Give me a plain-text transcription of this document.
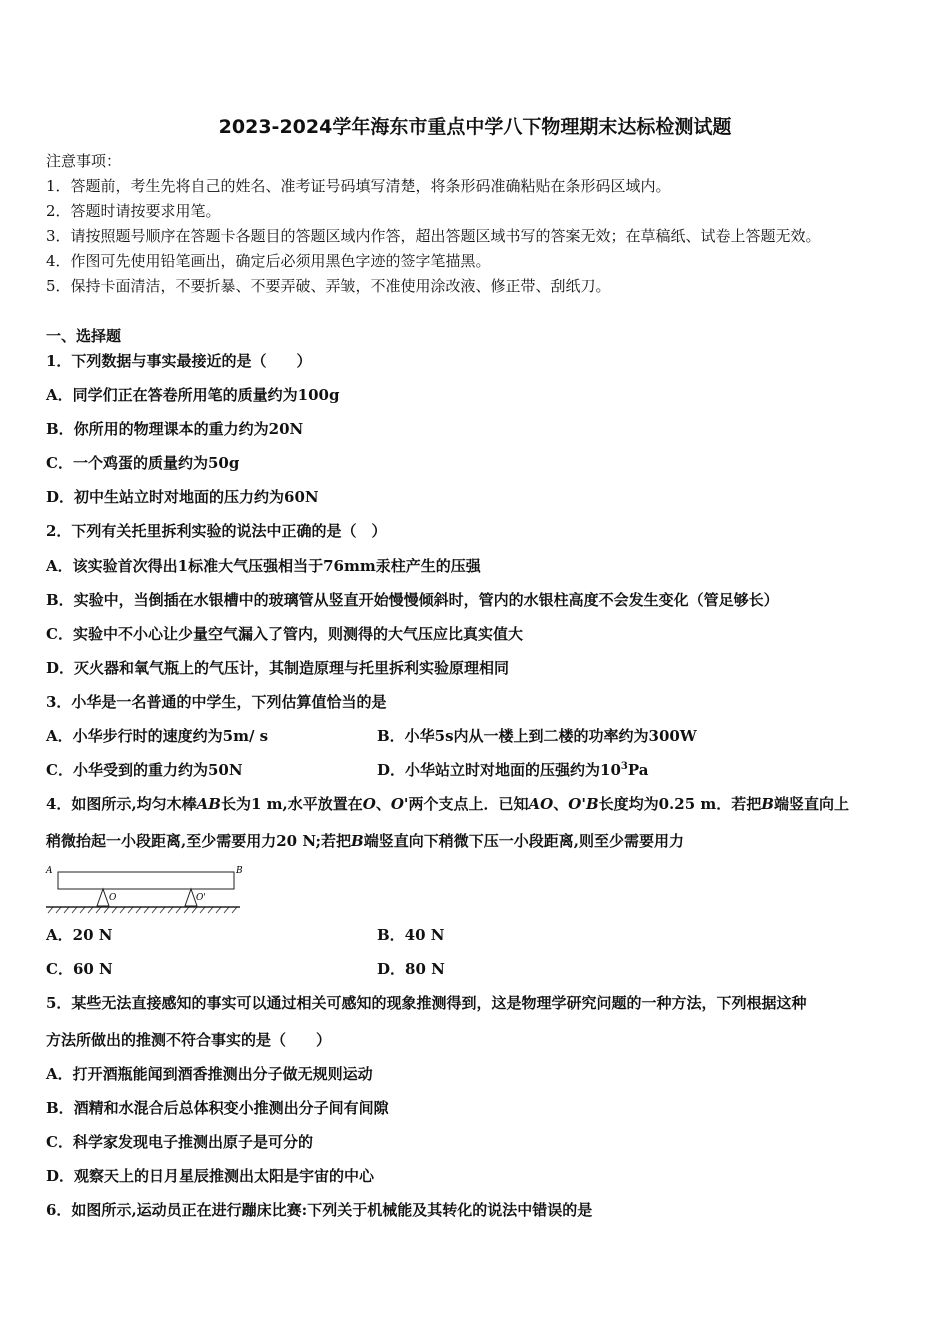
2023-2024学年海东市重点中学八下物理期末达标检测试题
注意事项：
1．答题前，考生先将自己的姓名、准考证号码填写清楚，将条形码准确粘贴在条形码区域内。
2．答题时请按要求用笔。
3．请按照题号顺序在答题卡各题目的答题区域内作答，超出答题区域书写的答案无效；在草稿纸、试卷上答题无效。
4．作图可先使用铅笔画出，确定后必须用黑色字迹的签字笔描黑。
5．保持卡面清洁，不要折暴、不要弄破、弄皱，不准使用涂改液、修正带、刮纸刀。
一、选择题
1．下列数据与事实最接近的是（　　）
A．同学们正在答卷所用笔的质量约为100g
B．你所用的物理课本的重力约为20N
C．一个鸡蛋的质量约为50g
D．初中生站立时对地面的压力约为60N
2．下列有关托里拆利实验的说法中正确的是（　）
A．该实验首次得出1标准大气压强相当于76mm汞柱产生的压强
B．实验中，当倒插在水银槽中的玻璃管从竖直开始慢慢倾斜时，管内的水银柱高度不会发生变化（管足够长）
C．实验中不小心让少量空气漏入了管内，则测得的大气压应比真实值大
D．灭火器和氧气瓶上的气压计，其制造原理与托里拆利实验原理相同
3．小华是一名普通的中学生，下列估算值恰当的是
A．小华步行时的速度约为5m/ s	B．小华5s内从一楼上到二楼的功率约为300W
C．小华受到的重力约为50N	D．小华站立时对地面的压强约为$10^3Pa$
4．如图所示,均匀木棒AB长为1 m,水平放置在O、O'两个支点上．已知AO、O'B长度均为0.25 m．若把B端竖直向上
稍微抬起一小段距离,至少需要用力20 N;若把B端竖直向下稍微下压一小段距离,则至少需要用力
A	B
O	O'
A．20 N	B．40 N
C．60 N	D．80 N
5．某些无法直接感知的事实可以通过相关可感知的现象推测得到，这是物理学研究问题的一种方法，下列根据这种
方法所做出的推测不符合事实的是（　　）
A．打开酒瓶能闻到酒香推测出分子做无规则运动
B．酒精和水混合后总体积变小推测出分子间有间隙
C．科学家发现电子推测出原子是可分的
D．观察天上的日月星辰推测出太阳是宇宙的中心
6．如图所示,运动员正在进行蹦床比赛:下列关于机械能及其转化的说法中错误的是
